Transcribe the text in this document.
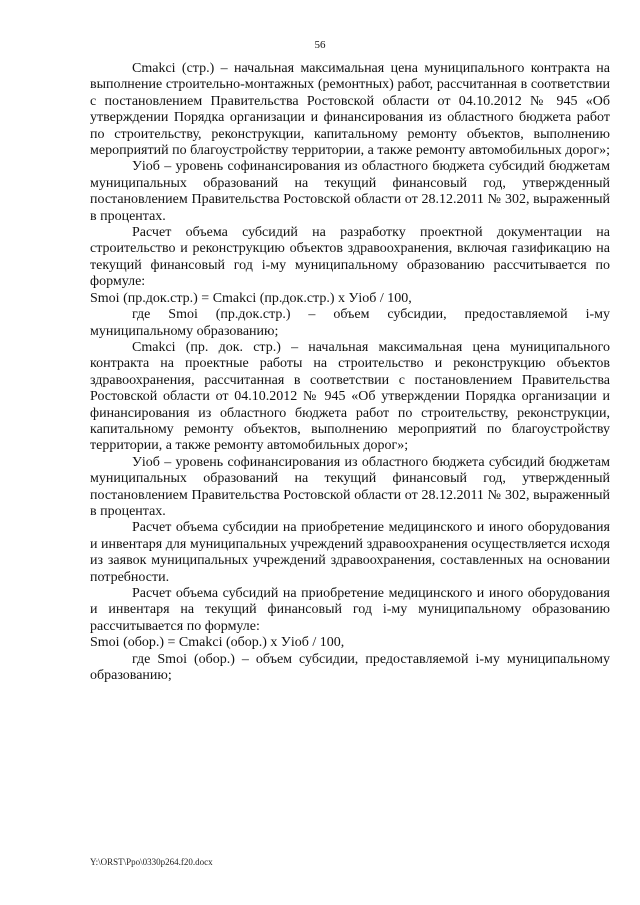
56

Cmakci (стр.) – начальная максимальная цена муниципального контракта на выполнение строительно-монтажных (ремонтных) работ, рассчитанная в соответствии с постановлением Правительства Ростовской области от 04.10.2012 № 945 «Об утверждении Порядка организации и финансирования из областного бюджета работ по строительству, реконструкции, капитальному ремонту объектов, выполнению мероприятий по благоустройству территории, а также ремонту автомобильных дорог»;

Уioб – уровень софинансирования из областного бюджета субсидий бюджетам муниципальных образований на текущий финансовый год, утвержденный постановлением Правительства Ростовской области от 28.12.2011 № 302, выраженный в процентах.

Расчет объема субсидий на разработку проектной документации на строительство и реконструкцию объектов здравоохранения, включая газификацию на текущий финансовый год i-му муниципальному образованию рассчитывается по формуле:

Smoi (пр.док.стр.) = Cmakci (пр.док.стр.) х Уioб / 100,

где Smoi (пр.док.стр.) – объем субсидии, предоставляемой i-му муниципальному образованию;

Cmakci (пр. док. стр.) – начальная максимальная цена муниципального контракта на проектные работы на строительство и реконструкцию объектов здравоохранения, рассчитанная в соответствии с постановлением Правительства Ростовской области от 04.10.2012 № 945 «Об утверждении Порядка организации и финансирования из областного бюджета работ по строительству, реконструкции, капитальному ремонту объектов, выполнению мероприятий по благоустройству территории, а также ремонту автомобильных дорог»;

Уioб – уровень софинансирования из областного бюджета субсидий бюджетам муниципальных образований на текущий финансовый год, утвержденный постановлением Правительства Ростовской области от 28.12.2011 № 302, выраженный в процентах.

Расчет объема субсидии на приобретение медицинского и иного оборудования и инвентаря для муниципальных учреждений здравоохранения осуществляется исходя из заявок муниципальных учреждений здравоохранения, составленных на основании потребности.

Расчет объема субсидий на приобретение медицинского и иного оборудования и инвентаря на текущий финансовый год i-му муниципальному образованию рассчитывается по формуле:

Smoi (обор.) = Cmakci (обор.) х Уioб / 100,

где Smoi (обор.) – объем субсидии, предоставляемой i-му муниципальному образованию;

Y:\ORST\Ppo\0330p264.f20.docx
